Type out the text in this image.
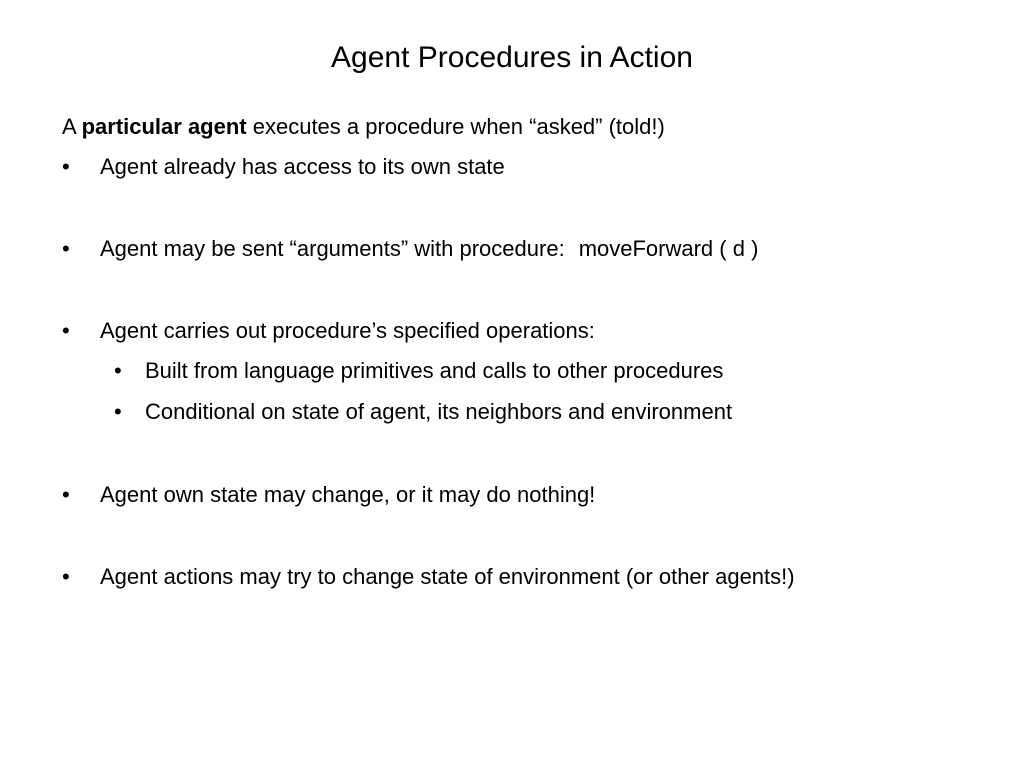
Agent Procedures in Action
A particular agent executes a procedure when “asked” (told!)
• Agent already has access to its own state
• Agent may be sent “arguments” with procedure: moveForward ( d )
• Agent carries out procedure’s specified operations:
• Built from language primitives and calls to other procedures
• Conditional on state of agent, its neighbors and environment
• Agent own state may change, or it may do nothing!
• Agent actions may try to change state of environment (or other agents!)
